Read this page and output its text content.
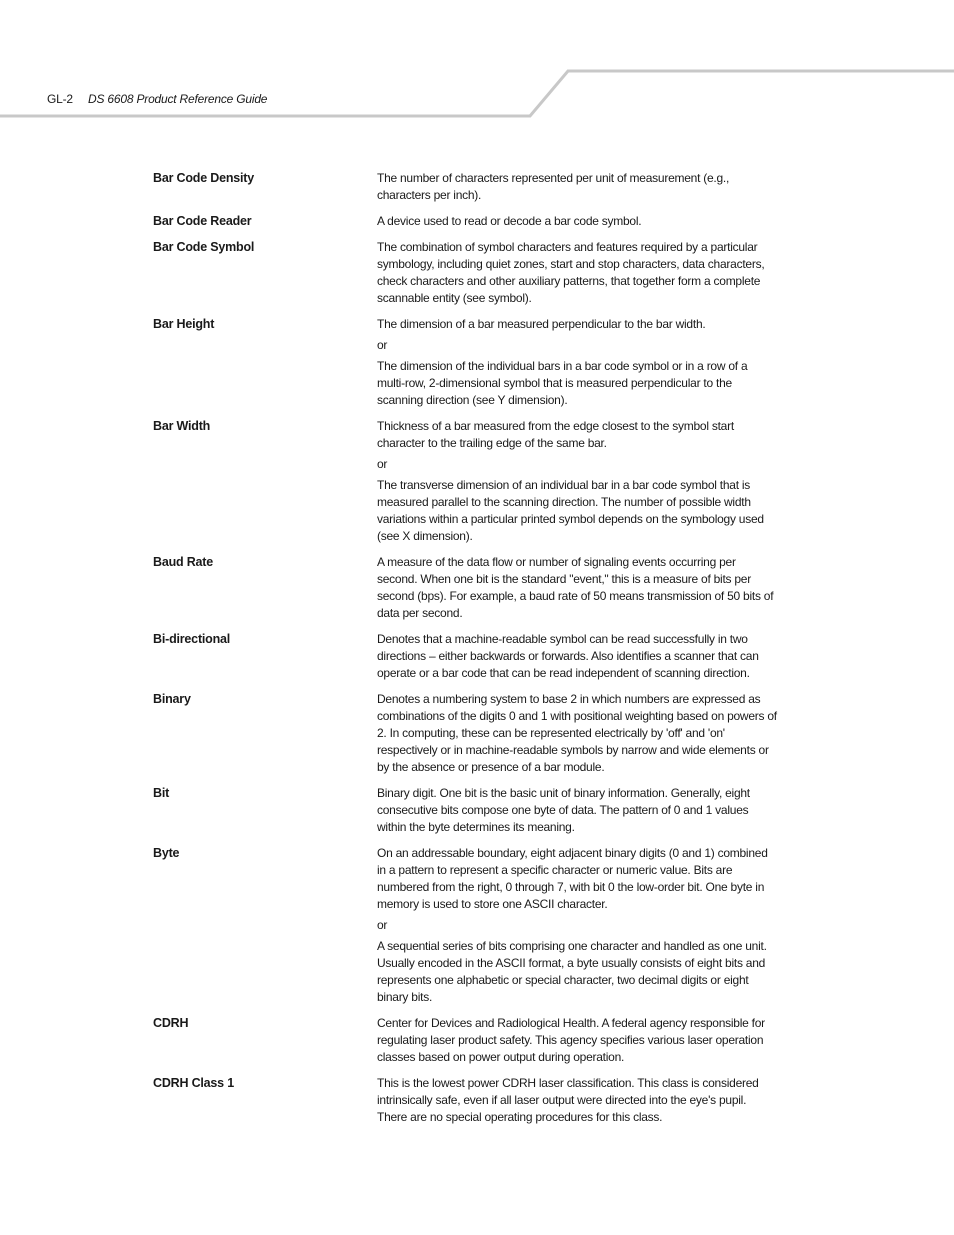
GL-2 DS 6608 Product Reference Guide
Bar Code Density	The number of characters represented per unit of measurement (e.g., characters per inch).

Bar Code Reader	A device used to read or decode a bar code symbol.

Bar Code Symbol	The combination of symbol characters and features required by a particular symbology, including quiet zones, start and stop characters, data characters, check characters and other auxiliary patterns, that together form a complete scannable entity (see symbol).

Bar Height	The dimension of a bar measured perpendicular to the bar width.

or

The dimension of the individual bars in a bar code symbol or in a row of a multi-row, 2-dimensional symbol that is measured perpendicular to the scanning direction (see Y dimension).

Bar Width	Thickness of a bar measured from the edge closest to the symbol start character to the trailing edge of the same bar.

or

The transverse dimension of an individual bar in a bar code symbol that is measured parallel to the scanning direction. The number of possible width variations within a particular printed symbol depends on the symbology used (see X dimension).

Baud Rate	A measure of the data flow or number of signaling events occurring per second. When one bit is the standard "event," this is a measure of bits per second (bps). For example, a baud rate of 50 means transmission of 50 bits of data per second.

Bi-directional	Denotes that a machine-readable symbol can be read successfully in two directions – either backwards or forwards. Also identifies a scanner that can operate or a bar code that can be read independent of scanning direction.

Binary	Denotes a numbering system to base 2 in which numbers are expressed as combinations of the digits 0 and 1 with positional weighting based on powers of 2. In computing, these can be represented electrically by 'off' and 'on' respectively or in machine-readable symbols by narrow and wide elements or by the absence or presence of a bar module.

Bit	Binary digit. One bit is the basic unit of binary information. Generally, eight consecutive bits compose one byte of data. The pattern of 0 and 1 values within the byte determines its meaning.

Byte	On an addressable boundary, eight adjacent binary digits (0 and 1) combined in a pattern to represent a specific character or numeric value. Bits are numbered from the right, 0 through 7, with bit 0 the low-order bit. One byte in memory is used to store one ASCII character.

or

A sequential series of bits comprising one character and handled as one unit. Usually encoded in the ASCII format, a byte usually consists of eight bits and represents one alphabetic or special character, two decimal digits or eight binary bits.

CDRH	Center for Devices and Radiological Health. A federal agency responsible for regulating laser product safety. This agency specifies various laser operation classes based on power output during operation.

CDRH Class 1	This is the lowest power CDRH laser classification. This class is considered intrinsically safe, even if all laser output were directed into the eye's pupil. There are no special operating procedures for this class.
